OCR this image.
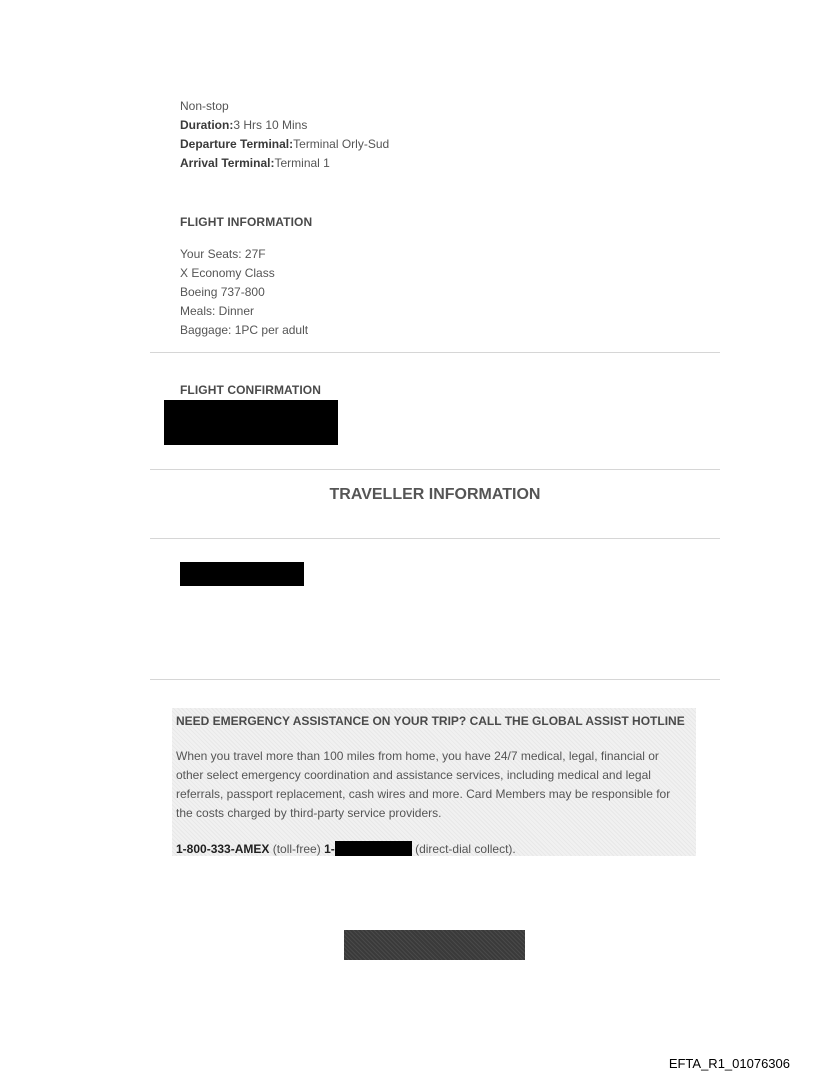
Non-stop
Duration:3 Hrs 10 Mins
Departure Terminal:Terminal Orly-Sud
Arrival Terminal:Terminal 1
FLIGHT INFORMATION
Your Seats: 27F
X Economy Class
Boeing 737-800
Meals: Dinner
Baggage: 1PC per adult
FLIGHT CONFIRMATION
TRAVELLER INFORMATION
NEED EMERGENCY ASSISTANCE ON YOUR TRIP? CALL THE GLOBAL ASSIST HOTLINE
When you travel more than 100 miles from home, you have 24/7 medical, legal, financial or other select emergency coordination and assistance services, including medical and legal referrals, passport replacement, cash wires and more. Card Members may be responsible for the costs charged by third-party service providers.
1-800-333-AMEX (toll-free) 1-	(direct-dial collect).
EFTA_R1_01076306
